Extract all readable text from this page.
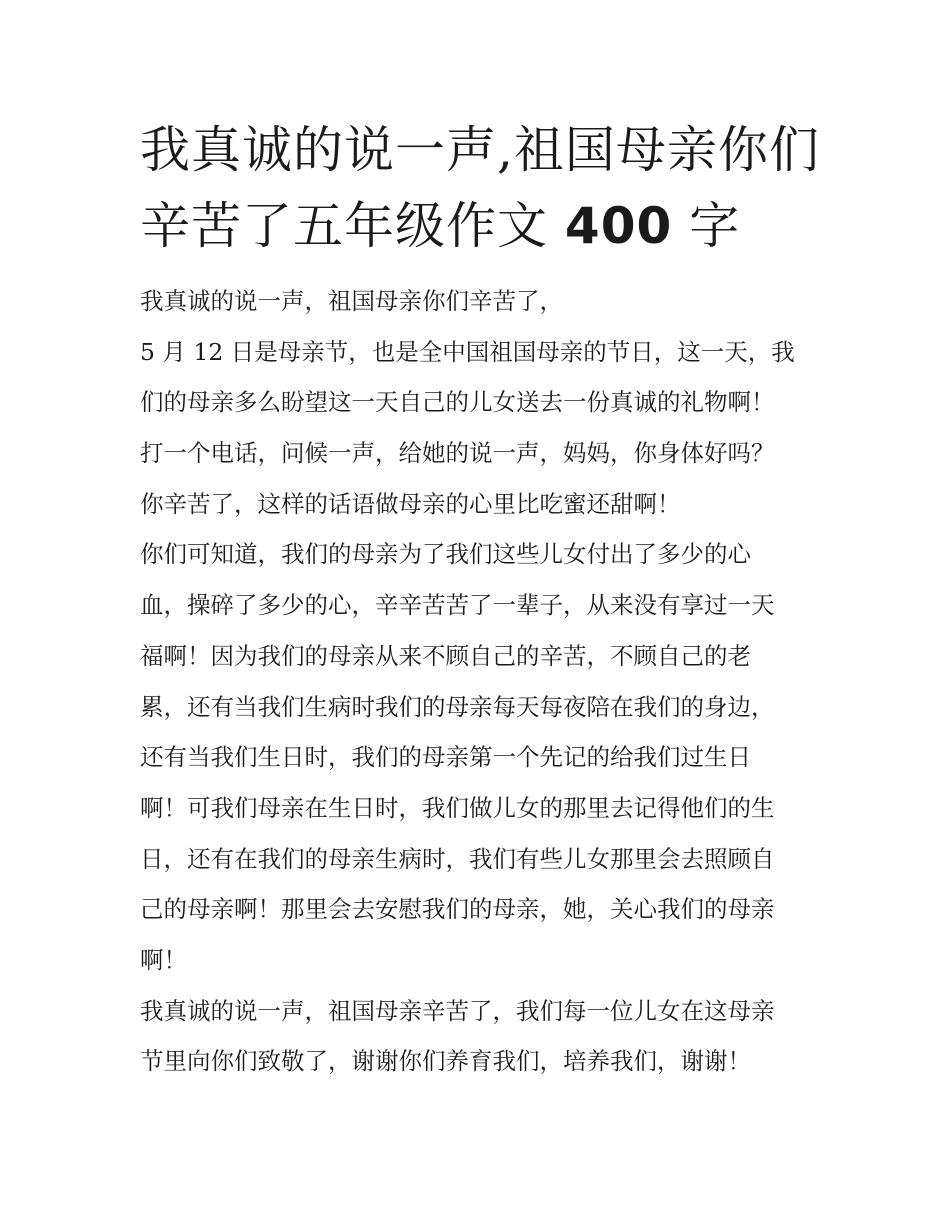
我真诚的说一声,祖国母亲你们
辛苦了五年级作文 400 字
我真诚的说一声，祖国母亲你们辛苦了，
5 月 12 日是母亲节，也是全中国祖国母亲的节日，这一天，我
们的母亲多么盼望这一天自己的儿女送去一份真诚的礼物啊！
打一个电话，问候一声，给她的说一声，妈妈，你身体好吗？
你辛苦了，这样的话语做母亲的心里比吃蜜还甜啊！
你们可知道，我们的母亲为了我们这些儿女付出了多少的心
血，操碎了多少的心，辛辛苦苦了一辈子，从来没有享过一天
福啊！因为我们的母亲从来不顾自己的辛苦，不顾自己的老
累，还有当我们生病时我们的母亲每天每夜陪在我们的身边，
还有当我们生日时，我们的母亲第一个先记的给我们过生日
啊！可我们母亲在生日时，我们做儿女的那里去记得他们的生
日，还有在我们的母亲生病时，我们有些儿女那里会去照顾自
己的母亲啊！那里会去安慰我们的母亲，她，关心我们的母亲
啊！
我真诚的说一声，祖国母亲辛苦了，我们每一位儿女在这母亲
节里向你们致敬了，谢谢你们养育我们，培养我们，谢谢！
